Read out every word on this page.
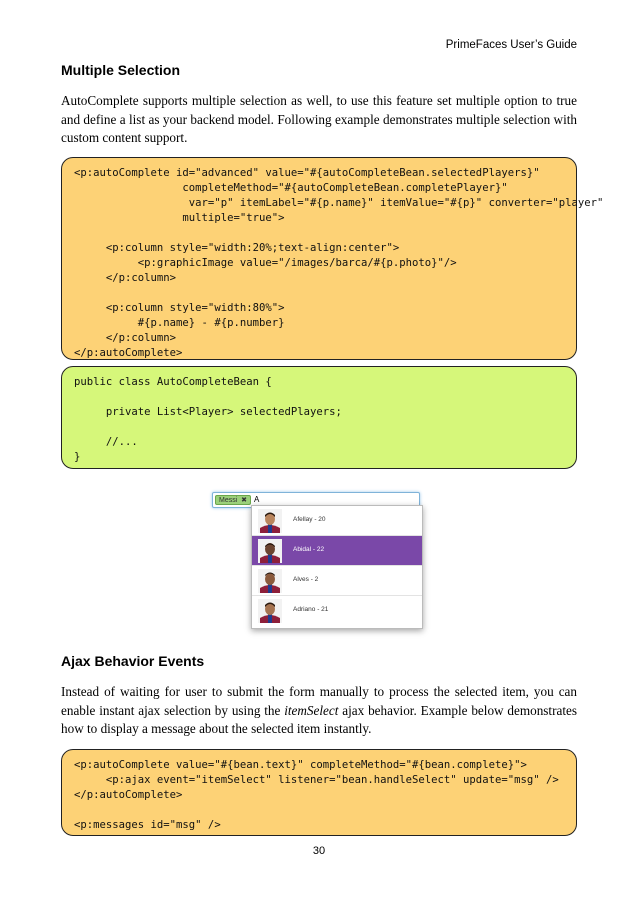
PrimeFaces User’s Guide
Multiple Selection
AutoComplete supports multiple selection as well, to use this feature set multiple option to true and define a list as your backend model. Following example demonstrates multiple selection with custom content support.
<p:autoComplete id="advanced" value="#{autoCompleteBean.selectedPlayers}"
completeMethod="#{autoCompleteBean.completePlayer}"
var="p" itemLabel="#{p.name}" itemValue="#{p}" converter="player"
multiple="true">

<p:column style="width:20%;text-align:center">
<p:graphicImage value="/images/barca/#{p.photo}"/>
</p:column>

<p:column style="width:80%">
#{p.name} - #{p.number}
</p:column>
</p:autoComplete>
public class AutoCompleteBean {

private List<Player> selectedPlayers;

//...
}
Messi ✖ A
Afellay - 20
Abidal - 22
Alves - 2
Adriano - 21
Ajax Behavior Events
Instead of waiting for user to submit the form manually to process the selected item, you can enable instant ajax selection by using the itemSelect ajax behavior. Example below demonstrates how to display a message about the selected item instantly.
<p:autoComplete value="#{bean.text}" completeMethod="#{bean.complete}">
<p:ajax event="itemSelect" listener="bean.handleSelect" update="msg" />
</p:autoComplete>

<p:messages id="msg" />
30
